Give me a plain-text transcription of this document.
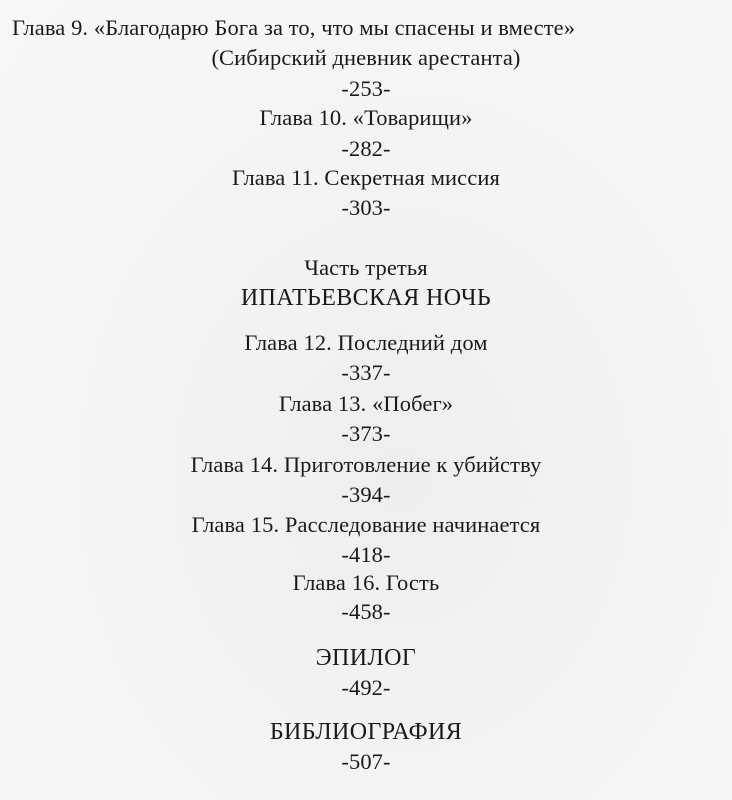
Глава 9. «Благодарю Бога за то, что мы спасены и вместе»
(Сибирский дневник арестанта)
-253-
Глава 10. «Товарищи»
-282-
Глава 11. Секретная миссия
-303-
Часть третья
ИПАТЬЕВСКАЯ НОЧЬ
Глава 12. Последний дом
-337-
Глава 13. «Побег»
-373-
Глава 14. Приготовление к убийству
-394-
Глава 15. Расследование начинается
-418-
Глава 16. Гость
-458-
ЭПИЛОГ
-492-
БИБЛИОГРАФИЯ
-507-
